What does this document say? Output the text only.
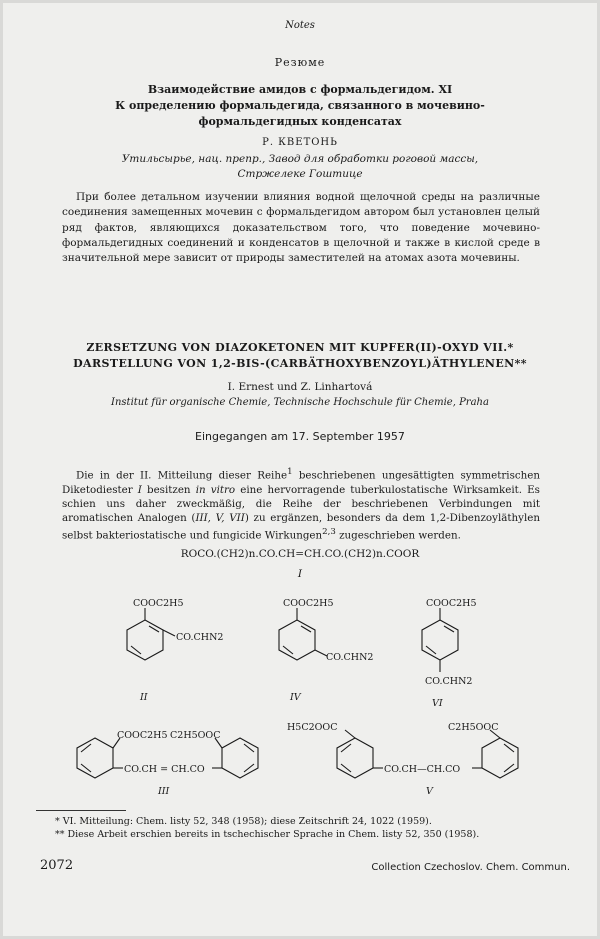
Notes
Резюме
Взаимодействие амидов с формальдегидом. XI
К определению формальдегида, связанного в мочевино-формальдегидных конденсатах
Р. КВЕТОНЬ
Утильсырье, нац. препр., Завод для обработки роговой массы,
Стржелеке Гоштице
При более детальном изучении влияния водной щелочной среды на различные соединения замещенных мочевин с формальдегидом автором был установлен целый ряд фактов, являющихся доказательством того, что поведение мочевино-формальдегидных соединений и конденсатов в щелочной и также в кислой среде в значительной мере зависит от природы заместителей на атомах азота мочевины.
ZERSETZUNG VON DIAZOKETONEN MIT KUPFER(II)-OXYD VII.*
DARSTELLUNG VON 1,2-BIS-(CARBÄTHOXYBENZOYL)ÄTHYLENEN**
I. Ernest und Z. Linhartová
Institut für organische Chemie, Technische Hochschule für Chemie, Praha
Eingegangen am 17. September 1957
Die in der II. Mitteilung dieser Reihe$^1$ beschriebenen ungesättigten symmetrischen Diketodiester I besitzen in vitro eine hervorragende tuberkulostatische Wirksamkeit. Es schien uns daher zweckmäßig, die Reihe der beschriebenen Verbindungen mit aromatischen Analogen (III, V, VII) zu ergänzen, besonders da dem 1,2-Dibenzoyläthylen selbst bakteriostatische und fungicide Wirkungen$^{2,3}$ zugeschrieben werden.
ROCO.(CH2)n.CO.CH=CH.CO.(CH2)n.COOR
I
COOC2H5
CO.CHN2
II
COOC2H5
CO.CHN2
IV
COOC2H5
CO.CHN2
VI
COOC2H5 C2H5OOC
CO.CH = CH.CO
III
H5C2OOC	C2H5OOC
CO.CH—CH.CO
V
* VI. Mitteilung: Chem. listy 52, 348 (1958); diese Zeitschrift 24, 1022 (1959).
** Diese Arbeit erschien bereits in tschechischer Sprache in Chem. listy 52, 350 (1958).
2072	Collection Czechoslov. Chem. Commun.
